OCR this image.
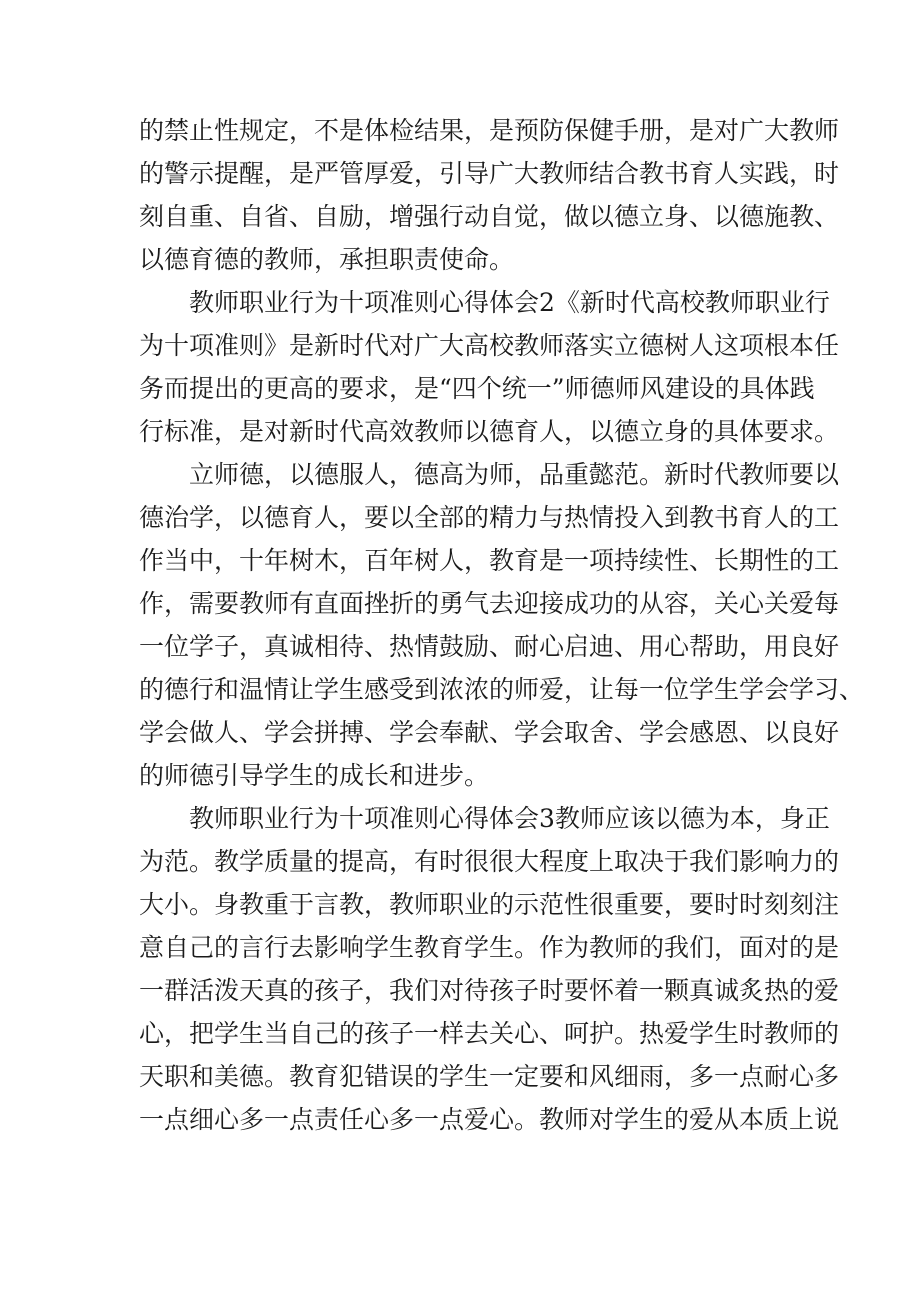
的禁止性规定，不是体检结果，是预防保健手册，是对广大教师
的警示提醒，是严管厚爱，引导广大教师结合教书育人实践，时
刻自重、自省、自励，增强行动自觉，做以德立身、以德施教、
以德育德的教师，承担职责使命。
教师职业行为十项准则心得体会2《新时代高校教师职业行
为十项准则》是新时代对广大高校教师落实立德树人这项根本任
务而提出的更高的要求，是“四个统一”师德师风建设的具体践
行标准，是对新时代高效教师以德育人，以德立身的具体要求。
立师德，以德服人，德高为师，品重懿范。新时代教师要以
德治学，以德育人，要以全部的精力与热情投入到教书育人的工
作当中，十年树木，百年树人，教育是一项持续性、长期性的工
作，需要教师有直面挫折的勇气去迎接成功的从容，关心关爱每
一位学子，真诚相待、热情鼓励、耐心启迪、用心帮助，用良好
的德行和温情让学生感受到浓浓的师爱，让每一位学生学会学习、
学会做人、学会拼搏、学会奉献、学会取舍、学会感恩、以良好
的师德引导学生的成长和进步。
教师职业行为十项准则心得体会3教师应该以德为本，身正
为范。教学质量的提高，有时很很大程度上取决于我们影响力的
大小。身教重于言教，教师职业的示范性很重要，要时时刻刻注
意自己的言行去影响学生教育学生。作为教师的我们，面对的是
一群活泼天真的孩子，我们对待孩子时要怀着一颗真诚炙热的爱
心，把学生当自己的孩子一样去关心、呵护。热爱学生时教师的
天职和美德。教育犯错误的学生一定要和风细雨，多一点耐心多
一点细心多一点责任心多一点爱心。教师对学生的爱从本质上说
